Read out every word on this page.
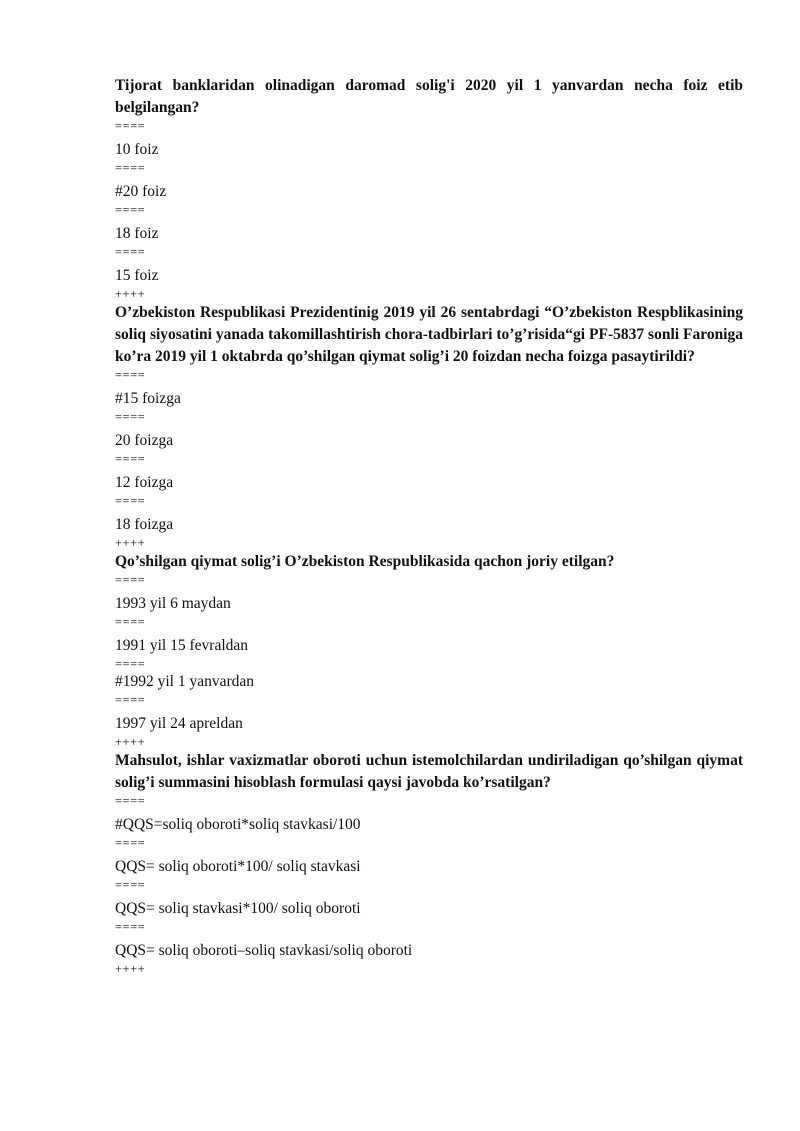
Tijorat banklaridan olinadigan daromad solig'i 2020 yil 1 yanvardan necha foiz etib belgilangan?

====

10 foiz

====

#20 foiz

====

18 foiz

====

15 foiz

++++

O’zbekiston Respublikasi Prezidentinig 2019 yil 26 sentabrdagi “O’zbekiston Respblikasining soliq siyosatini yanada takomillashtirish chora-tadbirlari to’g’risida“gi PF-5837 sonli Faroniga ko’ra 2019 yil 1 oktabrda qo’shilgan qiymat solig’i 20 foizdan necha foizga pasaytirildi?

====

#15 foizga

====

20 foizga

====

12 foizga

====

18 foizga

++++

Qo’shilgan qiymat solig’i O’zbekiston Respublikasida qachon joriy etilgan?

====

1993 yil 6 maydan

====

1991 yil 15 fevraldan

====

#1992 yil 1 yanvardan

====

1997 yil 24 apreldan

++++

Mahsulot, ishlar vaxizmatlar oboroti uchun istemolchilardan undiriladigan qo’shilgan qiymat solig’i summasini hisoblash formulasi qaysi javobda ko’rsatilgan?

====

#QQS=soliq oboroti*soliq stavkasi/100

====

QQS= soliq oboroti*100/ soliq stavkasi

====

QQS= soliq stavkasi*100/ soliq oboroti

====

QQS= soliq oboroti–soliq stavkasi/soliq oboroti

++++
